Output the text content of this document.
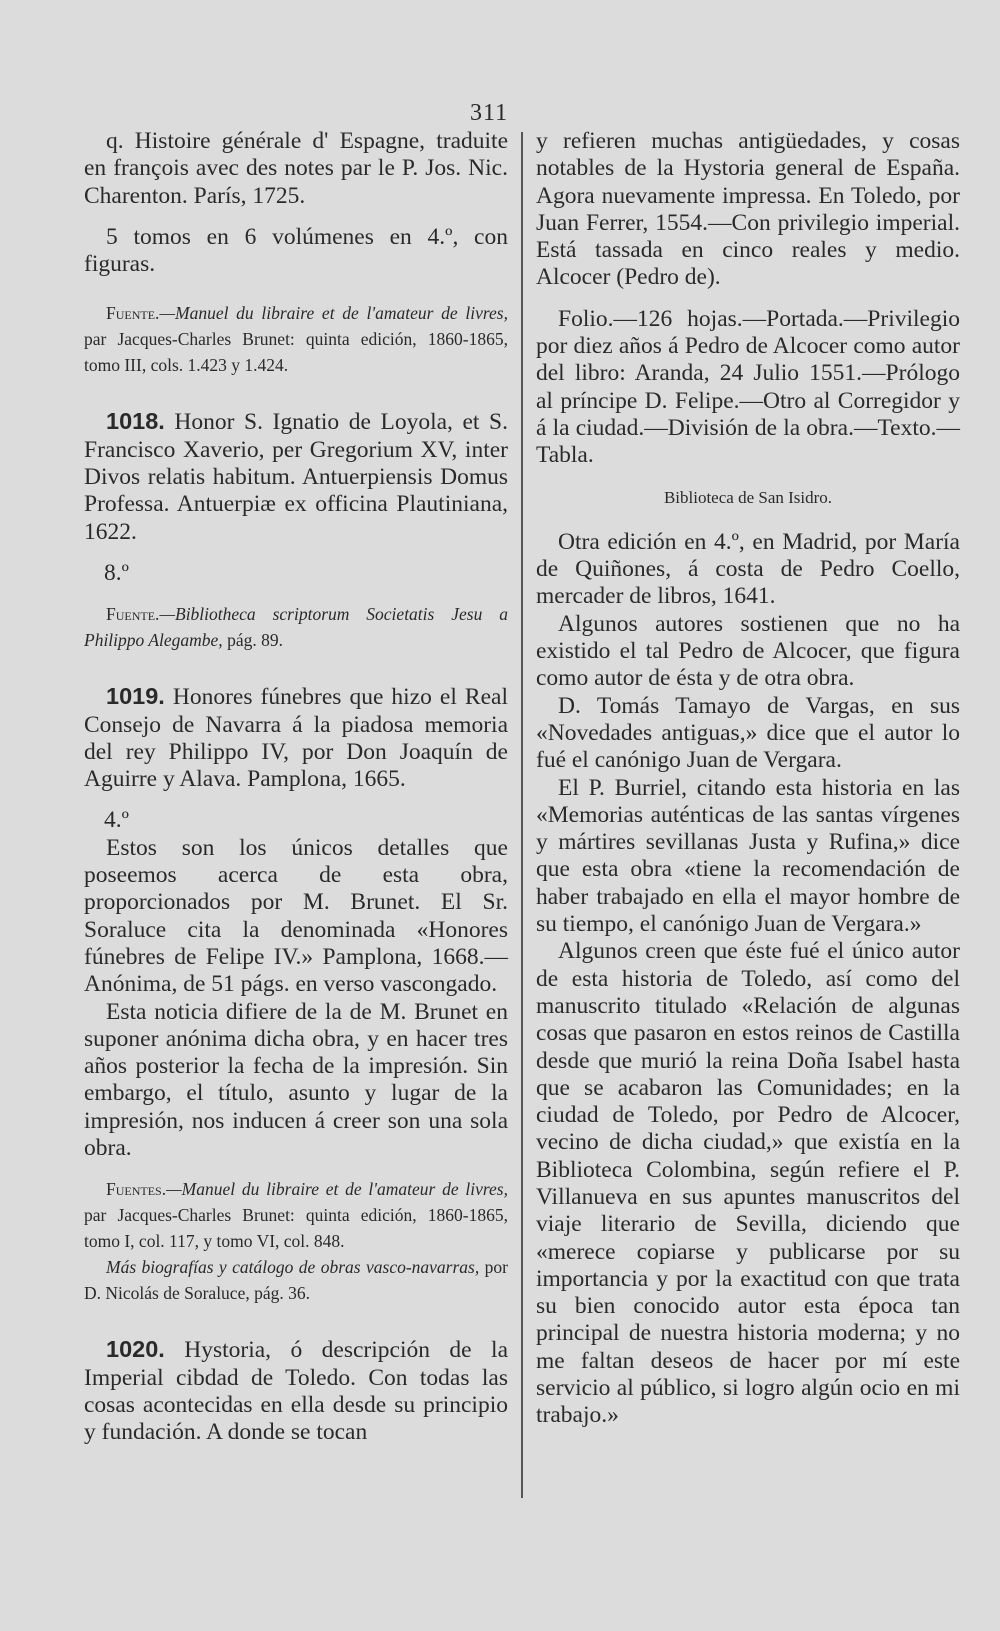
311

q. Histoire générale d' Espagne, traduite en françois avec des notes par le P. Jos. Nic. Charenton. París, 1725.

5 tomos en 6 volúmenes en 4.º, con figuras.

Fuente.—Manuel du libraire et de l'amateur de livres, par Jacques-Charles Brunet: quinta edición, 1860-1865, tomo III, cols. 1.423 y 1.424.

1018. Honor S. Ignatio de Loyola, et S. Francisco Xaverio, per Gregorium XV, inter Divos relatis habitum. Antuerpiensis Domus Professa. Antuerpiæ ex officina Plautiniana, 1622.

8.º

Fuente.—Bibliotheca scriptorum Societatis Jesu a Philippo Alegambe, pág. 89.

1019. Honores fúnebres que hizo el Real Consejo de Navarra á la piadosa memoria del rey Philippo IV, por Don Joaquín de Aguirre y Alava. Pamplona, 1665.

4.º

Estos son los únicos detalles que poseemos acerca de esta obra, proporcionados por M. Brunet. El Sr. Soraluce cita la denominada «Honores fúnebres de Felipe IV.» Pamplona, 1668.—Anónima, de 51 págs. en verso vascongado.

Esta noticia difiere de la de M. Brunet en suponer anónima dicha obra, y en hacer tres años posterior la fecha de la impresión. Sin embargo, el título, asunto y lugar de la impresión, nos inducen á creer son una sola obra.

Fuentes.—Manuel du libraire et de l'amateur de livres, par Jacques-Charles Brunet: quinta edición, 1860-1865, tomo I, col. 117, y tomo VI, col. 848.

Más biografías y catálogo de obras vasco-navarras, por D. Nicolás de Soraluce, pág. 36.

1020. Hystoria, ó descripción de la Imperial cibdad de Toledo. Con todas las cosas acontecidas en ella desde su principio y fundación. A donde se tocan

y refieren muchas antigüedades, y cosas notables de la Hystoria general de España. Agora nuevamente impressa. En Toledo, por Juan Ferrer, 1554.—Con privilegio imperial. Está tassada en cinco reales y medio. Alcocer (Pedro de).

Folio.—126 hojas.—Portada.—Privilegio por diez años á Pedro de Alcocer como autor del libro: Aranda, 24 Julio 1551.—Prólogo al príncipe D. Felipe.—Otro al Corregidor y á la ciudad.—División de la obra.—Texto.—Tabla.

Biblioteca de San Isidro.

Otra edición en 4.º, en Madrid, por María de Quiñones, á costa de Pedro Coello, mercader de libros, 1641.

Algunos autores sostienen que no ha existido el tal Pedro de Alcocer, que figura como autor de ésta y de otra obra.

D. Tomás Tamayo de Vargas, en sus «Novedades antiguas,» dice que el autor lo fué el canónigo Juan de Vergara.

El P. Burriel, citando esta historia en las «Memorias auténticas de las santas vírgenes y mártires sevillanas Justa y Rufina,» dice que esta obra «tiene la recomendación de haber trabajado en ella el mayor hombre de su tiempo, el canónigo Juan de Vergara.»

Algunos creen que éste fué el único autor de esta historia de Toledo, así como del manuscrito titulado «Relación de algunas cosas que pasaron en estos reinos de Castilla desde que murió la reina Doña Isabel hasta que se acabaron las Comunidades; en la ciudad de Toledo, por Pedro de Alcocer, vecino de dicha ciudad,» que existía en la Biblioteca Colombina, según refiere el P. Villanueva en sus apuntes manuscritos del viaje literario de Sevilla, diciendo que «merece copiarse y publicarse por su importancia y por la exactitud con que trata su bien conocido autor esta época tan principal de nuestra historia moderna; y no me faltan deseos de hacer por mí este servicio al público, si logro algún ocio en mi trabajo.»
